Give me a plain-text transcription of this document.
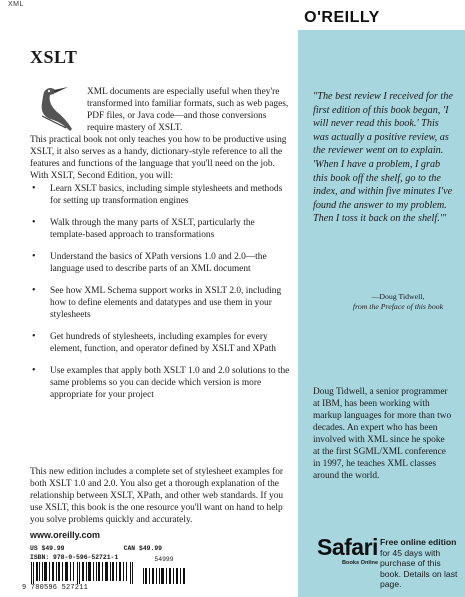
XML
O'REILLY
XSLT
XML documents are especially useful when they're transformed into familiar formats, such as web pages, PDF files, or Java code—and those conversions require mastery of XSLT.
This practical book not only teaches you how to be productive using XSLT, it also serves as a handy, dictionary-style reference to all the features and functions of the language that you'll need on the job. With XSLT, Second Edition, you will:
• Learn XSLT basics, including simple stylesheets and methods for setting up transformation engines
• Walk through the many parts of XSLT, particularly the template-based approach to transformations
• Understand the basics of XPath versions 1.0 and 2.0—the language used to describe parts of an XML document
• See how XML Schema support works in XSLT 2.0, including how to define elements and datatypes and use them in your stylesheets
• Get hundreds of stylesheets, including examples for every element, function, and operator defined by XSLT and XPath
• Use examples that apply both XSLT 1.0 and 2.0 solutions to the same problems so you can decide which version is more appropriate for your project
This new edition includes a complete set of stylesheet examples for both XSLT 1.0 and 2.0. You also get a thorough explanation of the relationship between XSLT, XPath, and other web standards. If you use XSLT, this book is the one resource you'll want on hand to help you solve problems quickly and accurately.
"The best review I received for the first edition of this book began, 'I will never read this book.' This was actually a positive review, as the reviewer went on to explain. 'When I have a problem, I grab this book off the shelf, go to the index, and within five minutes I've found the answer to my problem. Then I toss it back on the shelf.'"
—Doug Tidwell,
from the Preface of this book
Doug Tidwell, a senior programmer at IBM, has been working with markup languages for more than two decades. An expert who has been involved with XML since he spoke at the first SGML/XML conference in 1997, he teaches XML classes around the world.
www.oreilly.com
US $49.99	CAN $49.99
ISBN: 978-0-596-52721-1	54999
9 780596 527211
Safari
Books Online
Free online edition
for 45 days with purchase of this book. Details on last page.
